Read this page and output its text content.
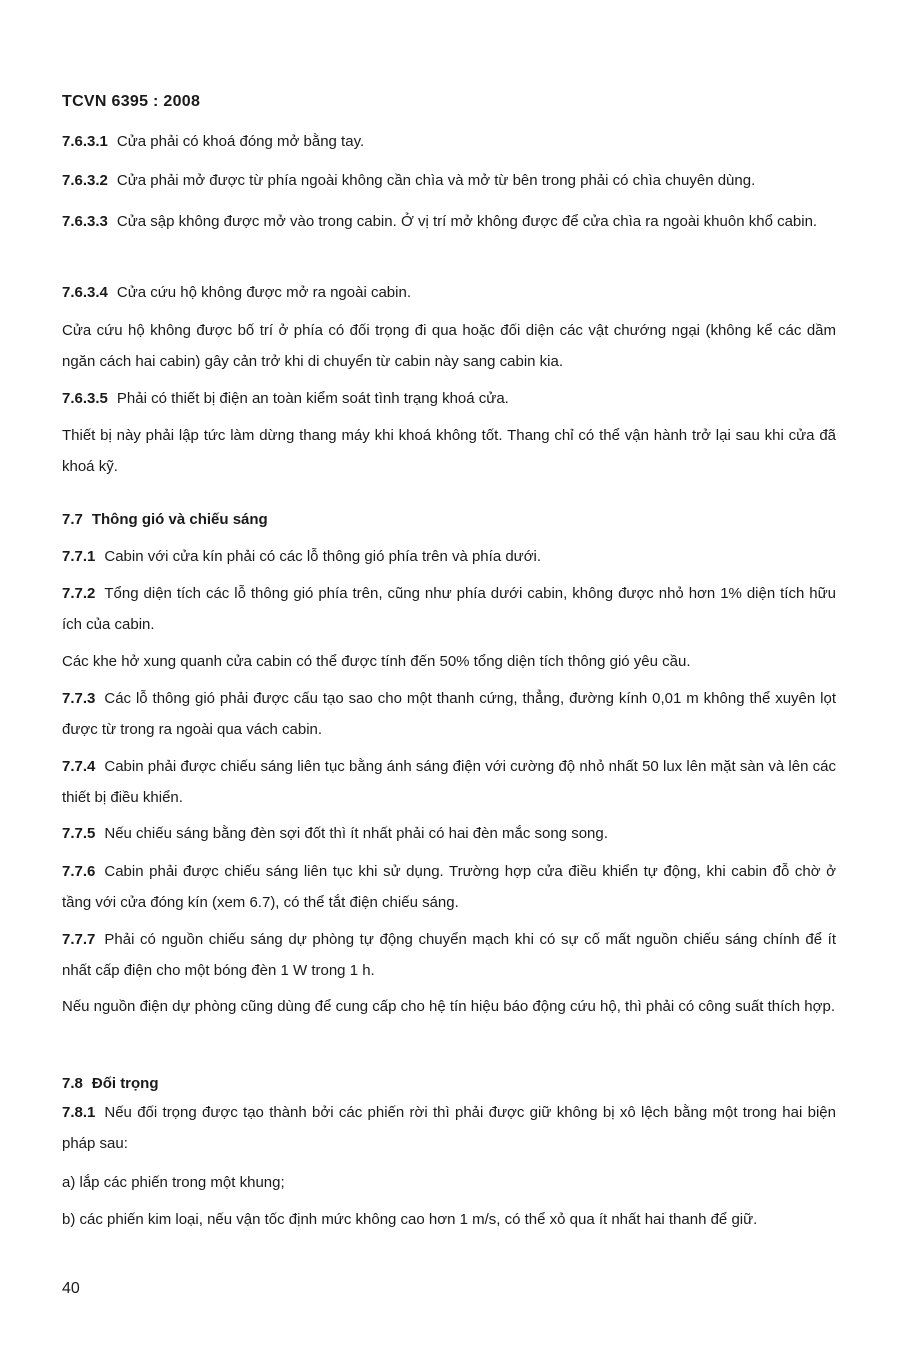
TCVN 6395 : 2008
7.6.3.1 Cửa phải có khoá đóng mở bằng tay.
7.6.3.2 Cửa phải mở được từ phía ngoài không cần chìa và mở từ bên trong phải có chìa chuyên dùng.
7.6.3.3 Cửa sập không được mở vào trong cabin. Ở vị trí mở không được để cửa chìa ra ngoài khuôn khổ cabin.
7.6.3.4 Cửa cứu hộ không được mở ra ngoài cabin.
Cửa cứu hộ không được bố trí ở phía có đối trọng đi qua hoặc đối diện các vật chướng ngại (không kể các dầm ngăn cách hai cabin) gây cản trở khi di chuyển từ cabin này sang cabin kia.
7.6.3.5 Phải có thiết bị điện an toàn kiểm soát tình trạng khoá cửa.
Thiết bị này phải lập tức làm dừng thang máy khi khoá không tốt. Thang chỉ có thể vận hành trở lại sau khi cửa đã khoá kỹ.
7.7 Thông gió và chiếu sáng
7.7.1 Cabin với cửa kín phải có các lỗ thông gió phía trên và phía dưới.
7.7.2 Tổng diện tích các lỗ thông gió phía trên, cũng như phía dưới cabin, không được nhỏ hơn 1% diện tích hữu ích của cabin.
Các khe hở xung quanh cửa cabin có thể được tính đến 50% tổng diện tích thông gió yêu cầu.
7.7.3 Các lỗ thông gió phải được cấu tạo sao cho một thanh cứng, thẳng, đường kính 0,01 m không thể xuyên lọt được từ trong ra ngoài qua vách cabin.
7.7.4 Cabin phải được chiếu sáng liên tục bằng ánh sáng điện với cường độ nhỏ nhất 50 lux lên mặt sàn và lên các thiết bị điều khiển.
7.7.5 Nếu chiếu sáng bằng đèn sợi đốt thì ít nhất phải có hai đèn mắc song song.
7.7.6 Cabin phải được chiếu sáng liên tục khi sử dụng. Trường hợp cửa điều khiển tự động, khi cabin đỗ chờ ở tầng với cửa đóng kín (xem 6.7), có thể tắt điện chiếu sáng.
7.7.7 Phải có nguồn chiếu sáng dự phòng tự động chuyển mạch khi có sự cố mất nguồn chiếu sáng chính để ít nhất cấp điện cho một bóng đèn 1 W trong 1 h.
Nếu nguồn điện dự phòng cũng dùng để cung cấp cho hệ tín hiệu báo động cứu hộ, thì phải có công suất thích hợp.
7.8 Đối trọng
7.8.1 Nếu đối trọng được tạo thành bởi các phiến rời thì phải được giữ không bị xô lệch bằng một trong hai biện pháp sau:
a) lắp các phiến trong một khung;
b) các phiến kim loại, nếu vận tốc định mức không cao hơn 1 m/s, có thể xỏ qua ít nhất hai thanh để giữ.
40
